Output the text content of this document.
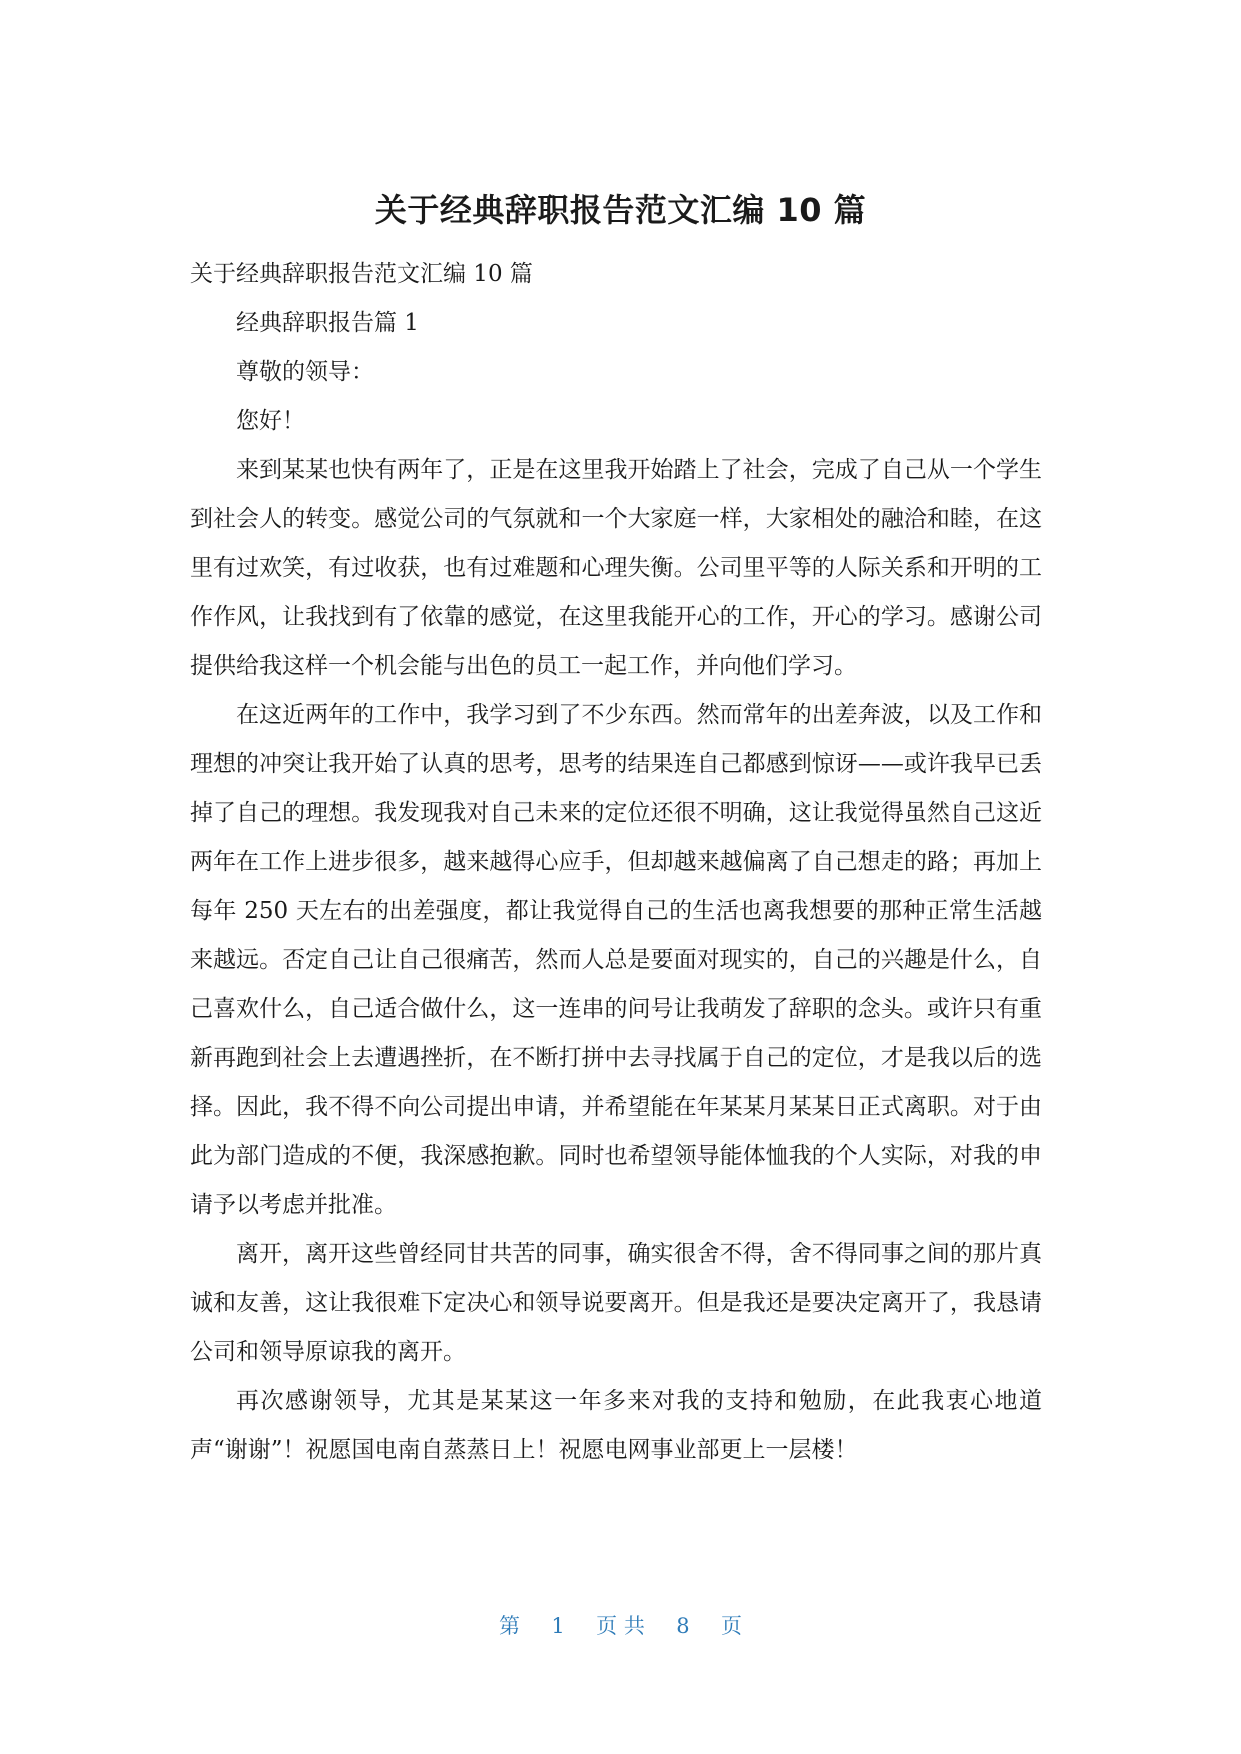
关于经典辞职报告范文汇编 10 篇

关于经典辞职报告范文汇编 10 篇

经典辞职报告篇 1

尊敬的领导：

您好！

来到某某也快有两年了，正是在这里我开始踏上了社会，完成了自己从一个学生到社会人的转变。感觉公司的气氛就和一个大家庭一样，大家相处的融洽和睦，在这里有过欢笑，有过收获，也有过难题和心理失衡。公司里平等的人际关系和开明的工作作风，让我找到有了依靠的感觉，在这里我能开心的工作，开心的学习。感谢公司提供给我这样一个机会能与出色的员工一起工作，并向他们学习。

在这近两年的工作中，我学习到了不少东西。然而常年的出差奔波，以及工作和理想的冲突让我开始了认真的思考，思考的结果连自己都感到惊讶——或许我早已丢掉了自己的理想。我发现我对自己未来的定位还很不明确，这让我觉得虽然自己这近两年在工作上进步很多，越来越得心应手，但却越来越偏离了自己想走的路；再加上每年 250 天左右的出差强度，都让我觉得自己的生活也离我想要的那种正常生活越来越远。否定自己让自己很痛苦，然而人总是要面对现实的，自己的兴趣是什么，自己喜欢什么，自己适合做什么，这一连串的问号让我萌发了辞职的念头。或许只有重新再跑到社会上去遭遇挫折，在不断打拼中去寻找属于自己的定位，才是我以后的选择。因此，我不得不向公司提出申请，并希望能在年某某月某某日正式离职。对于由此为部门造成的不便，我深感抱歉。同时也希望领导能体恤我的个人实际，对我的申请予以考虑并批准。

离开，离开这些曾经同甘共苦的同事，确实很舍不得，舍不得同事之间的那片真诚和友善，这让我很难下定决心和领导说要离开。但是我还是要决定离开了，我恳请公司和领导原谅我的离开。

再次感谢领导，尤其是某某这一年多来对我的支持和勉励，在此我衷心地道声“谢谢”！祝愿国电南自蒸蒸日上！祝愿电网事业部更上一层楼！

第 1 页 共 8 页
